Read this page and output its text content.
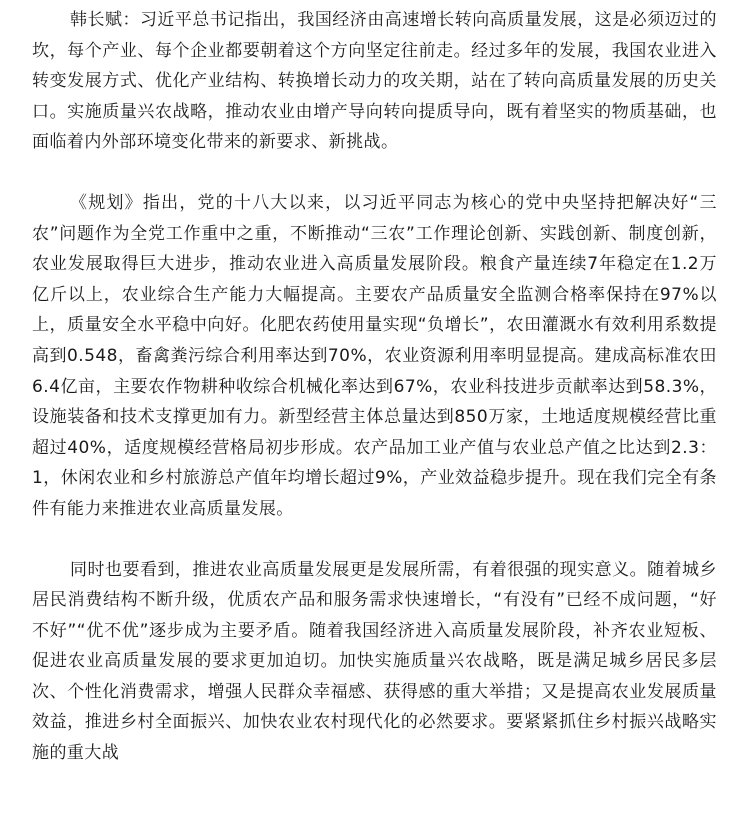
韩长赋：习近平总书记指出，我国经济由高速增长转向高质量发展，这是必须迈过的坎，每个产业、每个企业都要朝着这个方向坚定往前走。经过多年的发展，我国农业进入转变发展方式、优化产业结构、转换增长动力的攻关期，站在了转向高质量发展的历史关口。实施质量兴农战略，推动农业由增产导向转向提质导向，既有着坚实的物质基础，也面临着内外部环境变化带来的新要求、新挑战。

《规划》指出，党的十八大以来，以习近平同志为核心的党中央坚持把解决好“三农”问题作为全党工作重中之重，不断推动“三农”工作理论创新、实践创新、制度创新，农业发展取得巨大进步，推动农业进入高质量发展阶段。粮食产量连续7年稳定在1.2万亿斤以上，农业综合生产能力大幅提高。主要农产品质量安全监测合格率保持在97%以上，质量安全水平稳中向好。化肥农药使用量实现“负增长”，农田灌溉水有效利用系数提高到0.548，畜禽粪污综合利用率达到70%，农业资源利用率明显提高。建成高标准农田6.4亿亩，主要农作物耕种收综合机械化率达到67%，农业科技进步贡献率达到58.3%，设施装备和技术支撑更加有力。新型经营主体总量达到850万家，土地适度规模经营比重超过40%，适度规模经营格局初步形成。农产品加工业产值与农业总产值之比达到2.3：1，休闲农业和乡村旅游总产值年均增长超过9%，产业效益稳步提升。现在我们完全有条件有能力来推进农业高质量发展。

同时也要看到，推进农业高质量发展更是发展所需，有着很强的现实意义。随着城乡居民消费结构不断升级，优质农产品和服务需求快速增长，“有没有”已经不成问题，“好不好”“优不优”逐步成为主要矛盾。随着我国经济进入高质量发展阶段，补齐农业短板、促进农业高质量发展的要求更加迫切。加快实施质量兴农战略，既是满足城乡居民多层次、个性化消费需求，增强人民群众幸福感、获得感的重大举措；又是提高农业发展质量效益，推进乡村全面振兴、加快农业农村现代化的必然要求。要紧紧抓住乡村振兴战略实施的重大战
